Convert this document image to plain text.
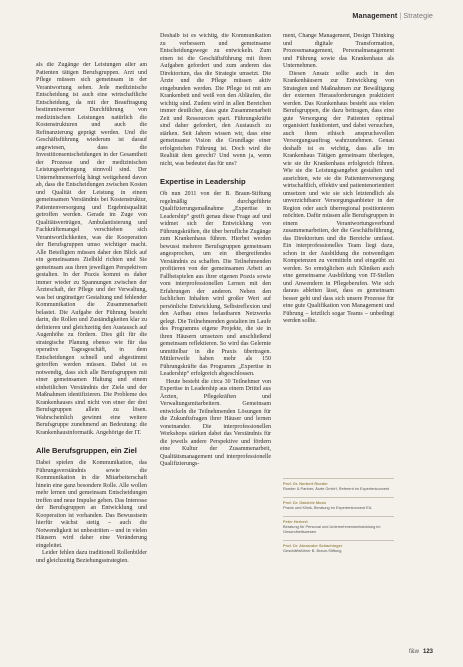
Management | Strategie

als die Zugänge der Leistungen aller am Patienten tätigen Berufsgruppen. Arzt und Pflege müssen sich gemeinsam in der Verantwortung sehen. Jede medizinische Entscheidung ist auch eine wirtschaftliche Entscheidung, da mit der Beauftragung bestimmtwerner Durchführung von medizinischen Leistungen natürlich die Kostenstrukturen und auch die Refinanzierung geprägt werden. Und die Geschäftsführung wiederum ist darauf angewiesen, dass die Investitionsentscheidungen in der Gesamtheit der Prozesse und der medizinischen Leistungserbringung sinnvoll sind. Der Unternehmenserfolg hängt weitgehend davon ab, dass die Entscheidungen zwischen Kosten und Qualität der Leistung in einem gemeinsamen Verständnis bei Kostenstruktur, Patientenversorgung und Ergebnisqualität getroffen werden. Gerade im Zuge von Qualitätsverträgen, Ambulantisierung und Fachkräftemangel verschieben sich Verantwortlichkeiten, was die Kooperation der Berufsgruppen umso wichtiger macht. Alle Beteiligten müssen daher den Blick auf ein gemeinsames Zielbild richten und Sie gemeinsam aus ihren jeweiligen Perspektiven gestalten. In der Praxis kommt es daher immer wieder zu Spannungen zwischen der Ärzteschaft, der Pflege und der Verwaltung, was bei ungünstiger Gestaltung und fehlender Kommunikation die Zusammenarbeit belastet. Die Aufgabe der Führung besteht darin, die Rollen und Zuständigkeiten klar zu definieren und gleichzeitig den Austausch auf Augenhöhe zu fördern. Dies gilt für die strategische Planung ebenso wie für das operative Tagesgeschäft, in dem Entscheidungen schnell und abgestimmt getroffen werden müssen. Dabei ist es notwendig, dass sich alle Berufsgruppen mit einer gemeinsamen Haltung und einem einheitlichen Verständnis der Ziele und der Maßnahmen identifizieren. Die Probleme des Krankenhauses sind nicht von einer der drei Berufsgruppen allein zu lösen. Wahrscheinlich gewinnt eine weitere Berufsgruppe zunehmend an Bedeutung: die Krankenhausinformatik. Angehörige der IT.

Alle Berufsgruppen, ein Ziel

Dabei spielen die Kommunikation, das Führungsverständnis sowie die Kommunikation in die Mitarbeiterschaft hinein eine ganz besondere Rolle. Alle wollen mehr lernen und gemeinsam Entscheidungen treffen und neue Impulse geben. Das Interesse der Berufsgruppen an Entwicklung und Kooperation ist vorhanden. Das Bewusstsein hierfür wächst stetig – auch die Notwendigkeit ist unbestritten – und in vielen Häusern wird daher eine Veränderung eingeleitet.

Leider fehlen dazu traditionell Rollenbilder und gleichzeitig Beziehungsstrategien.

Deshalb ist es wichtig, die Kommunikation zu verbessern und gemeinsame Entscheidungswege zu entwickeln. Zum einen ist die Geschäftsführung mit ihren Aufgaben gefordert und zum anderen das Direktorium, das die Strategie umsetzt. Die Ärzte und die Pflege müssen aktiv eingebunden werden. Die Pflege ist mit am Krankenbett und weiß von den Abläufen, die wichtig sind. Zudem wird in allen Bereichen immer deutlicher, dass gute Zusammenarbeit Zeit und Ressourcen spart. Führungskräfte sind daher gefordert, den Austausch zu stärken. Seit Jahren wissen wir, dass eine gemeinsame Vision die Grundlage einer erfolgreichen Führung ist. Doch wird die Realität dem gerecht? Und wenn ja, wenn nicht, was bedeutet das für uns?

Expertise in Leadership

Ob nun 2011 von der B. Braun-Stiftung regelmäßig durchgeführte Qualifizierungsmaßnahme „Expertise in Leadership“ greift genau diese Frage auf und widmet sich der Entwicklung von Führungskräften, die über berufliche Zugänge zum Krankenhaus führen. Hierbei werden bewusst mehrere Berufsgruppen gemeinsam angesprochen, um ein übergreifendes Verständnis zu schaffen. Die Teilnehmenden profitieren von der gemeinsamen Arbeit an Fallbeispielen aus ihrer eigenen Praxis sowie vom interprofessionellen Lernen mit den Erfahrungen der anderen. Neben den fachlichen Inhalten wird großer Wert auf persönliche Entwicklung, Selbstreflexion und den Aufbau eines belastbaren Netzwerks gelegt. Die Teilnehmenden gestalten im Laufe des Programms eigene Projekte, die sie in ihren Häusern umsetzen und anschließend gemeinsam reflektieren. So wird das Gelernte unmittelbar in die Praxis übertragen. Mittlerweile haben mehr als 150 Führungskräfte das Programm „Expertise in Leadership“ erfolgreich abgeschlossen.

Heute besteht die circa 30 Teilnehmer von Expertise in Leadership aus einem Drittel aus Ärzten, Pflegekräften und Verwaltungsmitarbeitern. Gemeinsam entwickeln die Teilnehmenden Lösungen für die Zukunftsfragen ihrer Häuser und lernen voneinander. Die interprofessionellen Workshops stärken dabei das Verständnis für die jeweils andere Perspektive und fördern eine Kultur der Zusammenarbeit, Qualitätsmanagement und interprofessionelle Qualifizierungs-

ment, Change Management, Design Thinking und digitale Transformation, Prozessmanagement, Personalmanagement und Führung sowie das Krankenhaus als Unternehmen.

Diesen Ansatz sollte auch in den Krankenhäusern zur Entwicklung von Strategien und Maßnahmen zur Bewältigung der externen Herausforderungen praktiziert werden. Das Krankenhaus besteht aus vielen Berufsgruppen, die dazu beitragen, dass eine gute Versorgung der Patienten optimal organisiert funktioniert, und dabei versuchen, auch ihren ethisch anspruchsvollen Versorgungsauftrag wahrzunehmen. Genau deshalb ist es wichtig, dass alle im Krankenhaus Tätigen gemeinsam überlegen, wie sie ihr Krankenhaus erfolgreich führen. Wie sie die Leistungsangebot gestalten und ausrichten, wie sie die Patientenversorgung wirtschaftlich, effektiv und patientenorientiert umsetzen und wie sie sich letztendlich als unverzichtbarer Versorgungsanbieter in der Region oder auch überregional positionieren möchten. Dafür müssen alle Berufsgruppen in einem Verantwortungsverbund zusammenarbeiten, der die Geschäftsführung, das Direktorium und die Bereiche umfasst. Ein interprofessionelles Team liegt dazu, schon in der Ausbildung die notwendigen Kompetenzen zu vermitteln und eingeübt zu werden. So ermöglichen sich Kliniken auch eine gemeinsame Ausbildung von IT-Stellen und Anwendern in Pflegeberufen. Wie sich daraus ableiten lässt, dass es gemeinsam besser geht und dass sich unsere Prozesse für eine gute Qualifikation von Management und Führung – letztlich sogar Teams – unbedingt werden sollte.

Prof. Dr. Norbert Roeder
Roeder & Partner, Ärzte GmbH, Referent im Expertenkonvent
Prof. Dr. Gabriele Moos
Praxis und Klinik, Beratung im Expertenkonvent EIL
Peter Herbert
Beratung für Personal und Unternehmensentwicklung im Gesundheitswesen
Prof. Dr. Alexander Schachinger
Geschäftsführer B. Braun-Stiftung
f&w 123
